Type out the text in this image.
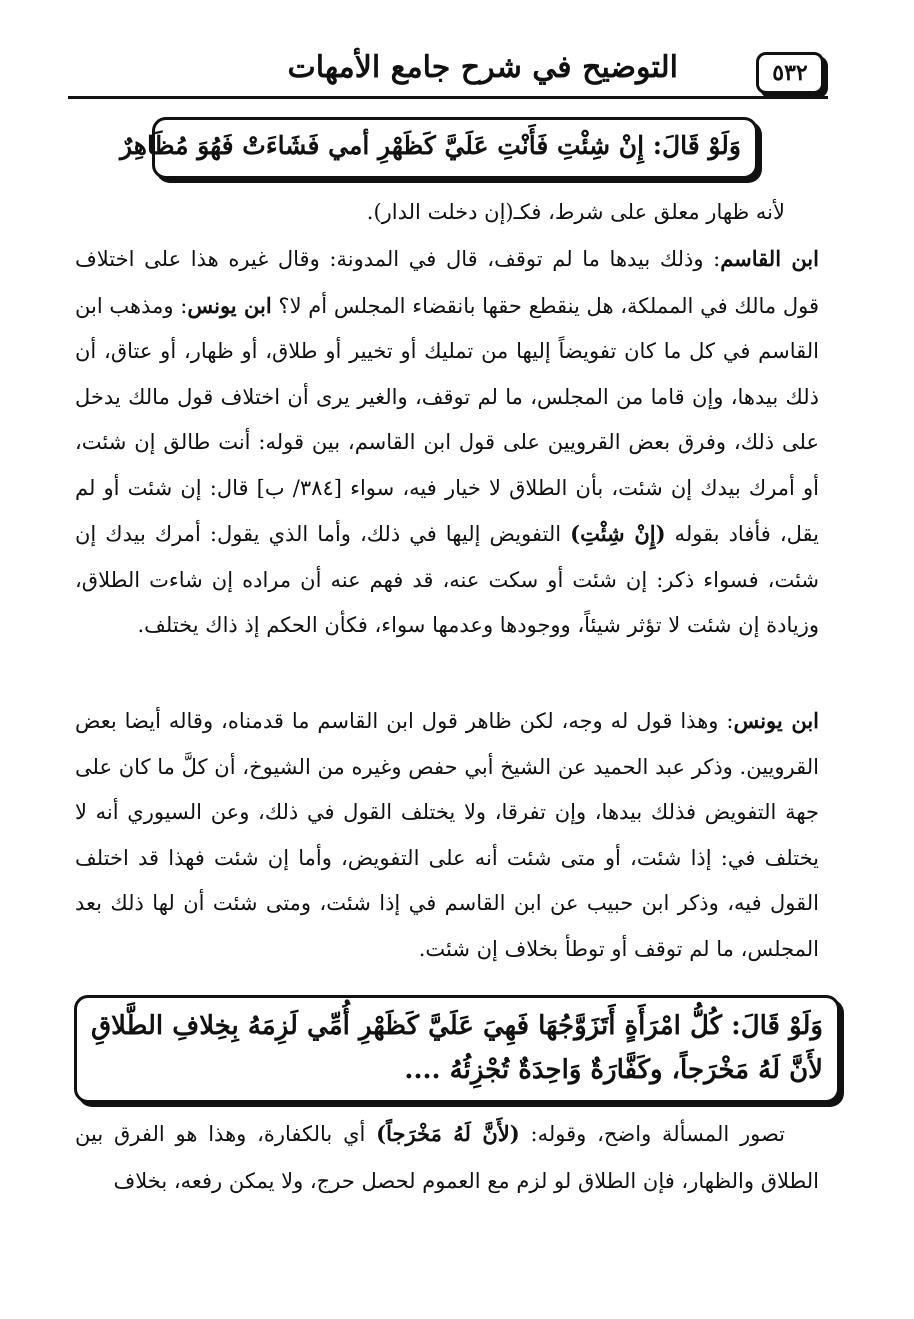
التوضيح في شرح جامع الأمهات	٥٣٢
وَلَوْ قَالَ: إِنْ شِئْتِ فَأَنْتِ عَلَيَّ كَظَهْرِ أمي فَشَاءَتْ فَهُوَ مُظَاهِرٌ

لأنه ظهار معلق على شرط، فكـ(إن دخلت الدار).

ابن القاسم: وذلك بيدها ما لم توقف، قال في المدونة: وقال غيره هذا على اختلاف قول مالك في المملكة، هل ينقطع حقها بانقضاء المجلس أم لا؟ ابن يونس: ومذهب ابن القاسم في كل ما كان تفويضاً إليها من تمليك أو تخيير أو طلاق، أو ظهار، أو عتاق، أن ذلك بيدها، وإن قاما من المجلس، ما لم توقف، والغير يرى أن اختلاف قول مالك يدخل على ذلك، وفرق بعض القرويين على قول ابن القاسم، بين قوله: أنت طالق إن شئت، أو أمرك بيدك إن شئت، بأن الطلاق لا خيار فيه، سواء [٣٨٤/ ب] قال: إن شئت أو لم يقل، فأفاد بقوله (إِنْ شِئْتِ) التفويض إليها في ذلك، وأما الذي يقول: أمرك بيدك إن شئت، فسواء ذكر: إن شئت أو سكت عنه، قد فهم عنه أن مراده إن شاءت الطلاق، وزيادة إن شئت لا تؤثر شيئاً، ووجودها وعدمها سواء، فكأن الحكم إذ ذاك يختلف.

ابن يونس: وهذا قول له وجه، لكن ظاهر قول ابن القاسم ما قدمناه، وقاله أيضا بعض القرويين. وذكر عبد الحميد عن الشيخ أبي حفص وغيره من الشيوخ، أن كلَّ ما كان على جهة التفويض فذلك بيدها، وإن تفرقا، ولا يختلف القول في ذلك، وعن السيوري أنه لا يختلف في: إذا شئت، أو متى شئت أنه على التفويض، وأما إن شئت فهذا قد اختلف القول فيه، وذكر ابن حبيب عن ابن القاسم في إذا شئت، ومتى شئت أن لها ذلك بعد المجلس، ما لم توقف أو توطأ بخلاف إن شئت.

وَلَوْ قَالَ: كُلُّ امْرَأَةٍ أَتَزَوَّجُهَا فَهِيَ عَلَيَّ كَظَهْرِ أُمِّي لَزِمَهُ بِخِلافِ الطَّلاقِ لأَنَّ لَهُ مَخْرَجاً، وكَفَّارَةٌ وَاحِدَةٌ تُجْزِئُهُ ....

تصور المسألة واضح، وقوله: (لأَنَّ لَهُ مَخْرَجاً) أي بالكفارة، وهذا هو الفرق بين الطلاق والظهار، فإن الطلاق لو لزم مع العموم لحصل حرج، ولا يمكن رفعه، بخلاف
